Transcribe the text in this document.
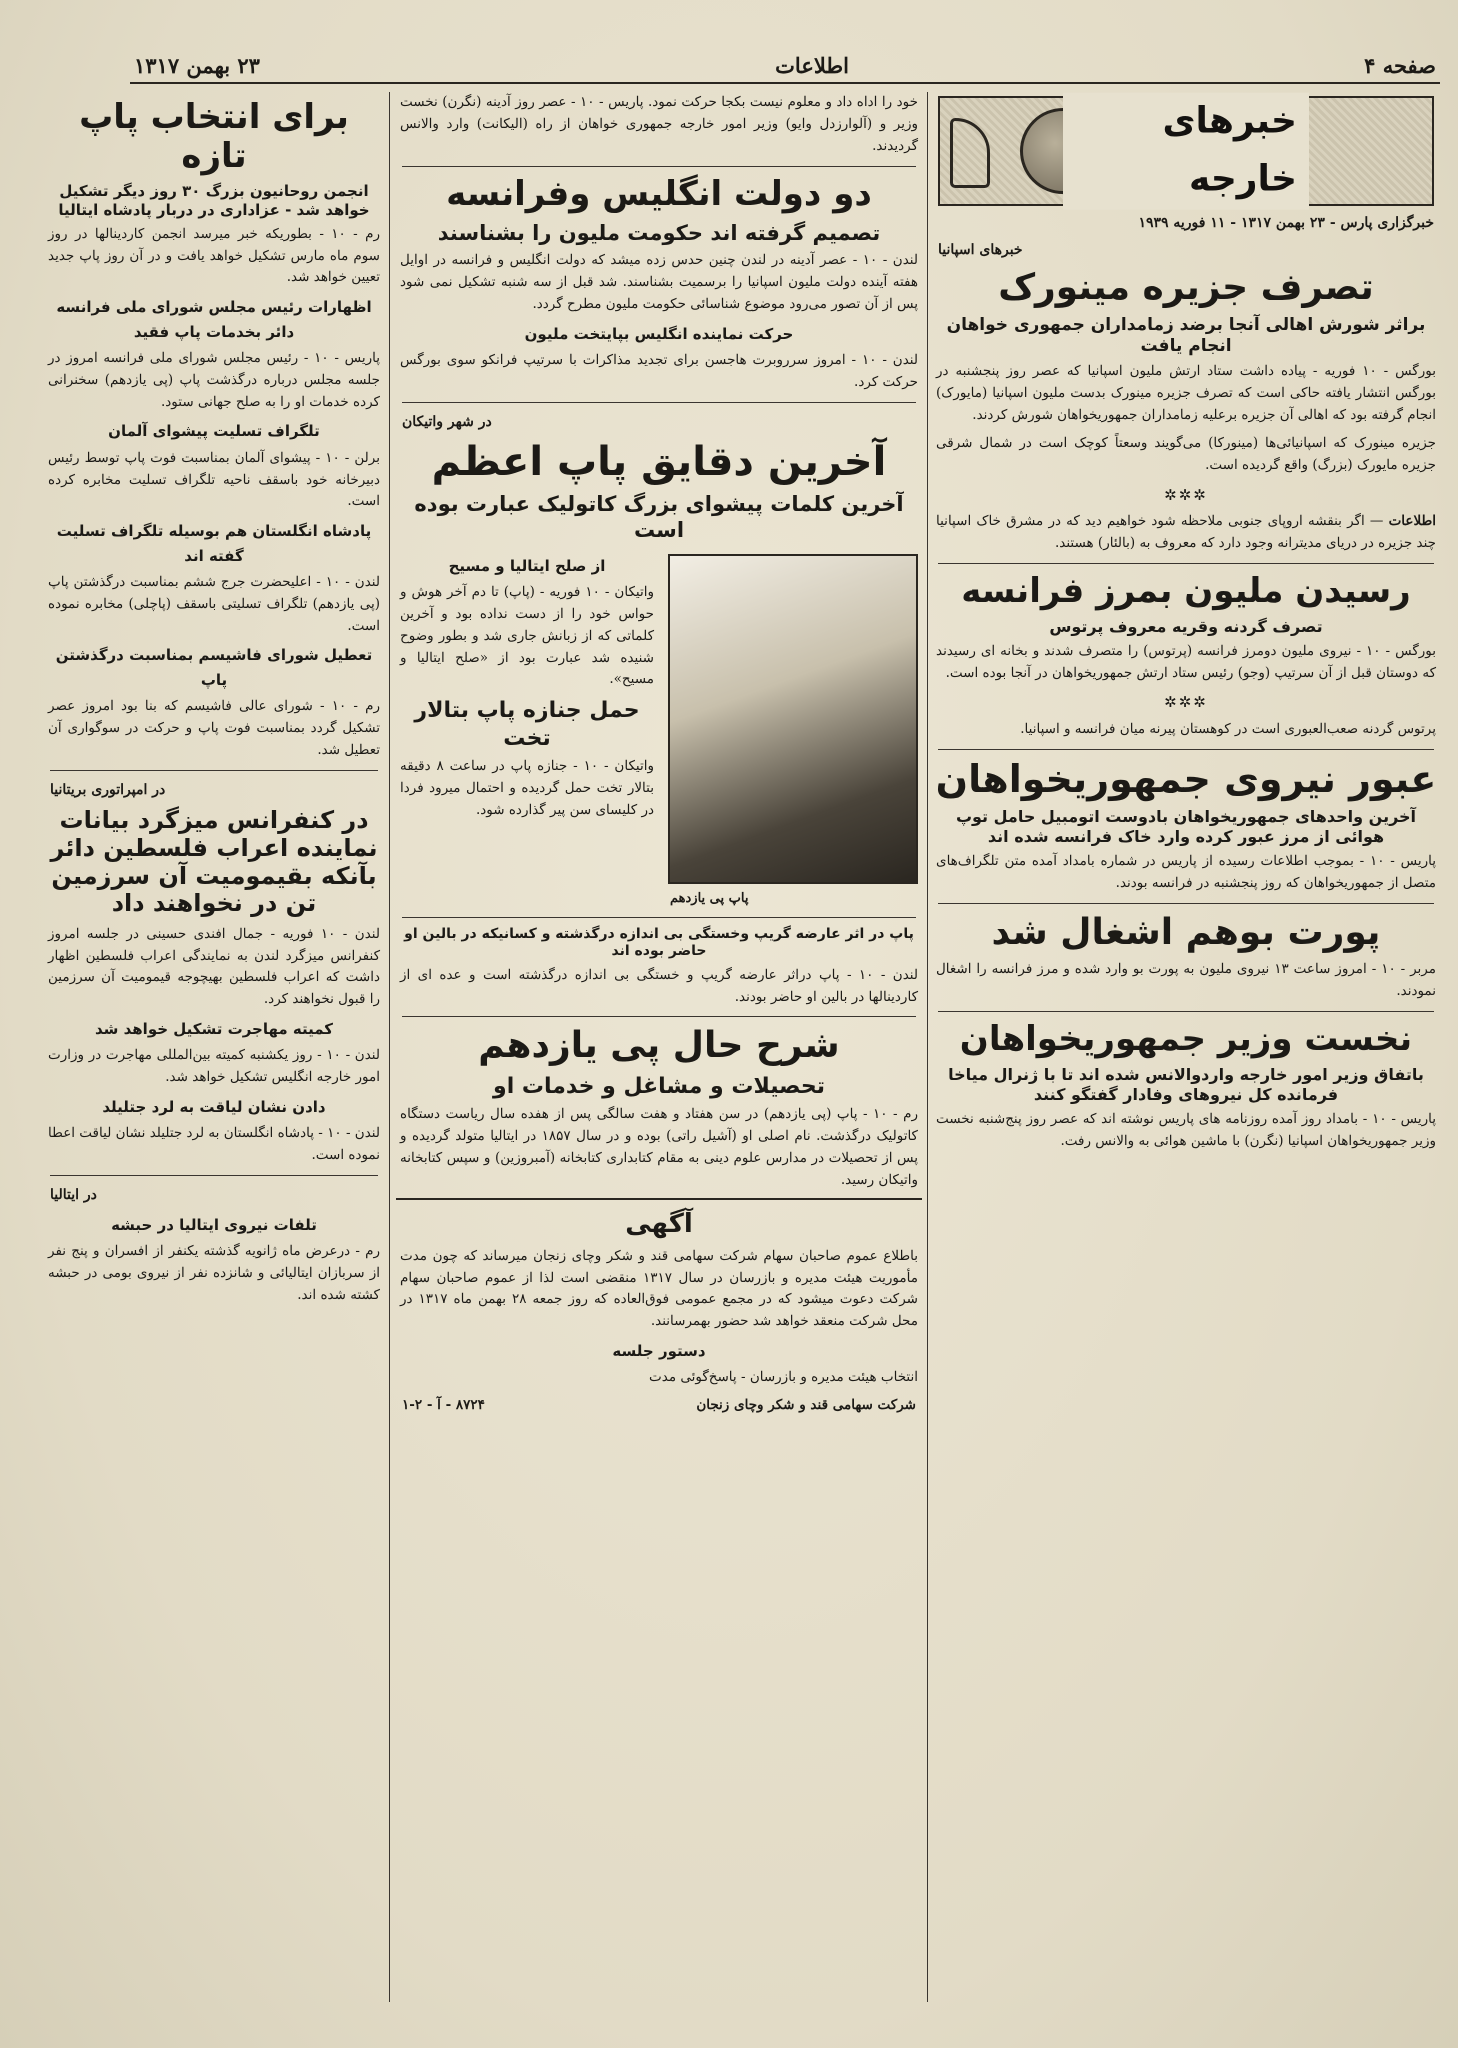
صفحه ۴
اطلاعات
۲۳ بهمن ۱۳۱۷
خبرهای خارجه
خبرگزاری پارس - ۲۳ بهمن ۱۳۱۷ - ۱۱ فوریه ۱۹۳۹
خبرهای اسپانیا
تصرف جزیره مینورک
براثر شورش اهالی آنجا برضد زمامداران جمهوری خواهان انجام یافت

بورگس - ۱۰ فوریه - پیاده داشت ستاد ارتش ملیون اسپانیا که عصر روز پنجشنبه در بورگس انتشار یافته حاکی است که تصرف جزیره مینورک بدست ملیون اسپانیا (مایورک) انجام گرفته بود که اهالی آن جزیره برعلیه زمامداران جمهوریخواهان شورش کردند.

جزیره مینورک که اسپانیائی‌ها (مینورکا) می‌گویند وسعتاً کوچک است در شمال شرقی جزیره مایورک (بزرگ) واقع گردیده است.

✲✲✲

اطلاعات — اگر بنقشه اروپای جنوبی ملاحظه شود خواهیم دید که در مشرق خاک اسپانیا چند جزیره در دریای مدیترانه وجود دارد که معروف به (بالئار) هستند.

رسیدن ملیون بمرز فرانسه
تصرف گردنه وقریه معروف پرتوس

بورگس - ۱۰ - نیروی ملیون دومرز فرانسه (پرتوس) را متصرف شدند و بخانه ای رسیدند که دوستان قبل از آن سرتیپ (وجو) رئیس ستاد ارتش جمهوریخواهان در آنجا بوده است.

✲✲✲

پرتوس گردنه صعب‌العبوری است در کوهستان پیرنه میان فرانسه و اسپانیا.

عبور نیروی جمهوریخواهان
آخرین واحدهای جمهوریخواهان بادوست اتومبیل حامل توپ هوائی از مرز عبور کرده وارد خاک فرانسه شده اند

پاریس - ۱۰ - بموجب اطلاعات رسیده از پاریس در شماره بامداد آمده متن تلگراف‌های متصل از جمهوریخواهان که روز پنجشنبه در فرانسه بودند.

پورت بوهم اشغال شد

مربر - ۱۰ - امروز ساعت ۱۳ نیروی ملیون به پورت بو وارد شده و مرز فرانسه را اشغال نمودند.

نخست وزیر جمهوریخواهان
باتفاق وزیر امور خارجه واردوالانس شده اند تا با ژنرال میاخا فرمانده کل نیروهای وفادار گفتگو کنند

پاریس - ۱۰ - بامداد روز آمده روزنامه های پاریس نوشته اند که عصر روز پنج‌شنبه نخست وزیر جمهوریخواهان اسپانیا (نگرن) با ماشین هوائی به والانس رفت.

خود را اداه داد و معلوم نیست بکجا حرکت نمود. پاریس - ۱۰ - عصر روز آدینه (نگرن) نخست وزیر و (آلوارزدل وایو) وزیر امور خارجه جمهوری خواهان از راه (الیکانت) وارد والانس گردیدند.

دو دولت انگلیس وفرانسه
تصمیم گرفته اند حکومت ملیون را بشناسند

لندن - ۱۰ - عصر آدینه در لندن چنین حدس زده میشد که دولت انگلیس و فرانسه در اوایل هفته آینده دولت ملیون اسپانیا را برسمیت بشناسند. شد قبل از سه شنبه تشکیل نمی شود پس از آن تصور می‌رود موضوع شناسائی حکومت ملیون مطرح گردد.

حرکت نماینده انگلیس بپایتخت ملیون

لندن - ۱۰ - امروز سرروبرت هاجسن برای تجدید مذاکرات با سرتیپ فرانکو سوی بورگس حرکت کرد.

در شهر واتیکان
آخرین دقایق پاپ اعظم
آخرین کلمات پیشوای بزرگ کاتولیک عبارت بوده است
پاپ پی یازدهم
از صلح ایتالیا و مسیح

واتیکان - ۱۰ فوریه - (پاپ) تا دم آخر هوش و حواس خود را از دست نداده بود و آخرین کلماتی که از زبانش جاری شد و بطور وضوح شنیده شد عبارت بود از «صلح ایتالیا و مسیح».

حمل جنازه پاپ بتالار تخت

واتیکان - ۱۰ - جنازه پاپ در ساعت ۸ دقیقه بتالار تخت حمل گردیده و احتمال میرود فردا در کلیسای سن پیر گذارده شود.

پاپ در اثر عارضه گریپ وخستگی بی اندازه درگذشته و کسانیکه در بالین او حاضر بوده اند

لندن - ۱۰ - پاپ دراثر عارضه گریپ و خستگی بی اندازه درگذشته است و عده ای از کاردینالها در بالین او حاضر بودند.

شرح حال پی یازدهم
تحصیلات و مشاغل و خدمات او

رم - ۱۰ - پاپ (پی یازدهم) در سن هفتاد و هفت سالگی پس از هفده سال ریاست دستگاه کاتولیک درگذشت. نام اصلی او (آشیل راتی) بوده و در سال ۱۸۵۷ در ایتالیا متولد گردیده و پس از تحصیلات در مدارس علوم دینی به مقام کتابداری کتابخانه (آمبروزین) و سپس کتابخانه واتیکان رسید.

آگهی

باطلاع عموم صاحبان سهام شرکت سهامی قند و شکر وچای زنجان میرساند که چون مدت مأموریت هیئت مدیره و بازرسان در سال ۱۳۱۷ منقضی است لذا از عموم صاحبان سهام شرکت دعوت میشود که در مجمع عمومی فوق‌العاده که روز جمعه ۲۸ بهمن ماه ۱۳۱۷ در محل شرکت منعقد خواهد شد حضور بهمرسانند.

دستور جلسه

انتخاب هیئت مدیره و بازرسان - پاسخ‌گوئی مدت

شرکت سهامی قند و شکر وچای زنجان
۸۷۲۴ - آ - ۲-۱
برای انتخاب پاپ تازه
انجمن روحانیون بزرگ ۳۰ روز دیگر تشکیل خواهد شد - عزاداری در دربار پادشاه ایتالیا

رم - ۱۰ - بطوریکه خبر میرسد انجمن کاردینالها در روز سوم ماه مارس تشکیل خواهد یافت و در آن روز پاپ جدید تعیین خواهد شد.

اظهارات رئیس مجلس شورای ملی فرانسه دائر بخدمات پاپ فقید

پاریس - ۱۰ - رئیس مجلس شورای ملی فرانسه امروز در جلسه مجلس درباره درگذشت پاپ (پی یازدهم) سخنرانی کرده خدمات او را به صلح جهانی ستود.

تلگراف تسلیت پیشوای آلمان

برلن - ۱۰ - پیشوای آلمان بمناسبت فوت پاپ توسط رئیس دبیرخانه خود باسقف ناحیه تلگراف تسلیت مخابره کرده است.

پادشاه انگلستان هم بوسیله تلگراف تسلیت گفته اند

لندن - ۱۰ - اعلیحضرت جرج ششم بمناسبت درگذشتن پاپ (پی یازدهم) تلگراف تسلیتی باسقف (پاچلی) مخابره نموده است.

تعطیل شورای فاشیسم بمناسبت درگذشتن پاپ

رم - ۱۰ - شورای عالی فاشیسم که بنا بود امروز عصر تشکیل گردد بمناسبت فوت پاپ و حرکت در سوگواری آن تعطیل شد.

در امپراتوری بریتانیا
در کنفرانس میزگرد بیانات نماینده اعراب فلسطین دائر بآنکه بقیمومیت آن سرزمین تن در نخواهند داد

لندن - ۱۰ فوریه - جمال افندی حسینی در جلسه امروز کنفرانس میزگرد لندن به نمایندگی اعراب فلسطین اظهار داشت که اعراب فلسطین بهیچوجه قیمومیت آن سرزمین را قبول نخواهند کرد.

کمیته مهاجرت تشکیل خواهد شد

لندن - ۱۰ - روز یکشنبه کمیته بین‌المللی مهاجرت در وزارت امور خارجه انگلیس تشکیل خواهد شد.

دادن نشان لیاقت به لرد جتلیلد

لندن - ۱۰ - پادشاه انگلستان به لرد جتلیلد نشان لیاقت اعطا نموده است.

در ایتالیا
تلفات نیروی ایتالیا در حبشه

رم - درعرض ماه ژانویه گذشته یکنفر از افسران و پنج نفر از سربازان ایتالیائی و شانزده نفر از نیروی بومی در حبشه کشته شده اند.
